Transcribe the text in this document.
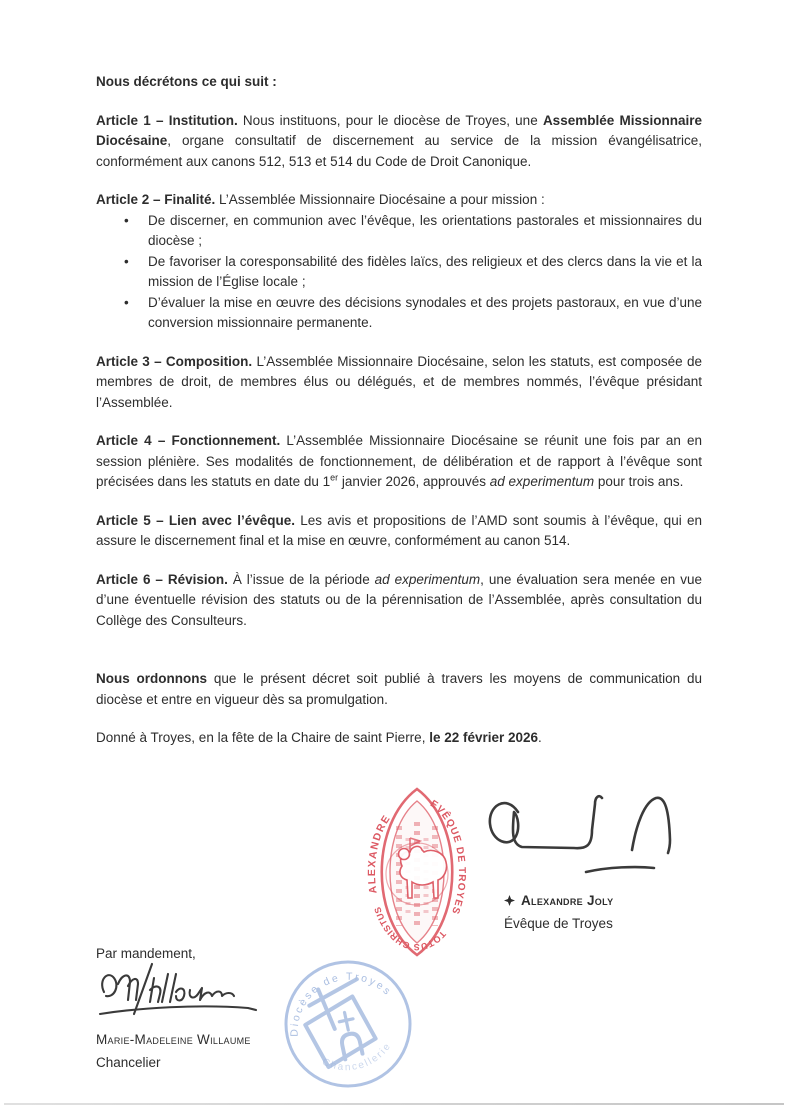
Nous décrétons ce qui suit :

Article 1 – Institution. Nous instituons, pour le diocèse de Troyes, une Assemblée Missionnaire Diocésaine, organe consultatif de discernement au service de la mission évangélisatrice, conformément aux canons 512, 513 et 514 du Code de Droit Canonique.

Article 2 – Finalité. L’Assemblée Missionnaire Diocésaine a pour mission :

• De discerner, en communion avec l’évêque, les orientations pastorales et missionnaires du diocèse ;
• De favoriser la coresponsabilité des fidèles laïcs, des religieux et des clercs dans la vie et la mission de l’Église locale ;
• D’évaluer la mise en œuvre des décisions synodales et des projets pastoraux, en vue d’une conversion missionnaire permanente.

Article 3 – Composition. L’Assemblée Missionnaire Diocésaine, selon les statuts, est composée de membres de droit, de membres élus ou délégués, et de membres nommés, l’évêque présidant l’Assemblée.

Article 4 – Fonctionnement. L’Assemblée Missionnaire Diocésaine se réunit une fois par an en session plénière. Ses modalités de fonctionnement, de délibération et de rapport à l’évêque sont précisées dans les statuts en date du 1er janvier 2026, approuvés ad experimentum pour trois ans.

Article 5 – Lien avec l’évêque. Les avis et propositions de l’AMD sont soumis à l’évêque, qui en assure le discernement final et la mise en œuvre, conformément au canon 514.

Article 6 – Révision. À l’issue de la période ad experimentum, une évaluation sera menée en vue d’une éventuelle révision des statuts ou de la pérennisation de l’Assemblée, après consultation du Collège des Consulteurs.

Nous ordonnons que le présent décret soit publié à travers les moyens de communication du diocèse et entre en vigueur dès sa promulgation.

Donné à Troyes, en la fête de la Chaire de saint Pierre, le 22 février 2026.

EVÊQUE DE TROYES
TOTUS CHRISTUS
ALEXANDRE
Alexandre Joly
Évêque de Troyes
Par mandement,
Marie-Madeleine Willaume
Chancelier
Diocèse de Troyes
Chancellerie
